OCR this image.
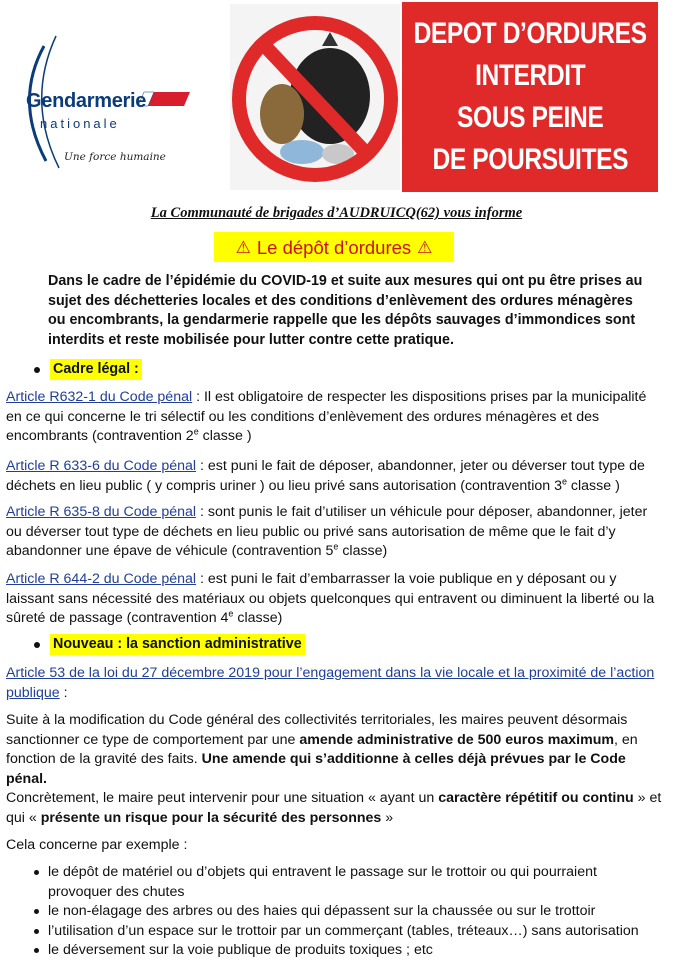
Gendarmerie
nationale
Une force humaine
DEPOT D’ORDURES
INTERDIT
SOUS PEINE
DE POURSUITES
La Communauté de brigades d’AUDRUICQ(62) vous informe
⚠ Le dépôt d’ordures ⚠
Dans le cadre de l’épidémie du COVID-19 et suite aux mesures qui ont pu être prises au sujet des déchetteries locales et des conditions d’enlèvement des ordures ménagères ou encombrants, la gendarmerie rappelle que les dépôts sauvages d’immondices sont interdits et reste mobilisée pour lutter contre cette pratique.
Cadre légal :
Article R632-1 du Code pénal : Il est obligatoire de respecter les dispositions prises par la municipalité en ce qui concerne le tri sélectif ou les conditions d’enlèvement des ordures ménagères et des encombrants (contravention 2e classe )
Article R 633-6 du Code pénal : est puni le fait de déposer, abandonner, jeter ou déverser tout type de déchets en lieu public ( y compris uriner ) ou lieu privé sans autorisation (contravention 3e classe )
Article R 635-8 du Code pénal : sont punis le fait d’utiliser un véhicule pour déposer, abandonner, jeter ou déverser tout type de déchets en lieu public ou privé sans autorisation de même que le fait d’y abandonner une épave de véhicule (contravention 5e classe)
Article R 644-2 du Code pénal : est puni le fait d’embarrasser la voie publique en y déposant ou y laissant sans nécessité des matériaux ou objets quelconques qui entravent ou diminuent la liberté ou la sûreté de passage (contravention 4e classe)
Nouveau : la sanction administrative
Article 53 de la loi du 27 décembre 2019 pour l’engagement dans la vie locale et la proximité de l’action publique :
Suite à la modification du Code général des collectivités territoriales, les maires peuvent désormais sanctionner ce type de comportement par une amende administrative de 500 euros maximum, en fonction de la gravité des faits. Une amende qui s’additionne à celles déjà prévues par le Code pénal.
Concrètement, le maire peut intervenir pour une situation « ayant un caractère répétitif ou continu » et qui « présente un risque pour la sécurité des personnes »
Cela concerne par exemple :
le dépôt de matériel ou d’objets qui entravent le passage sur le trottoir ou qui pourraient provoquer des chutes
le non-élagage des arbres ou des haies qui dépassent sur la chaussée ou sur le trottoir
l’utilisation d’un espace sur le trottoir par un commerçant (tables, tréteaux…) sans autorisation
le déversement sur la voie publique de produits toxiques ; etc
